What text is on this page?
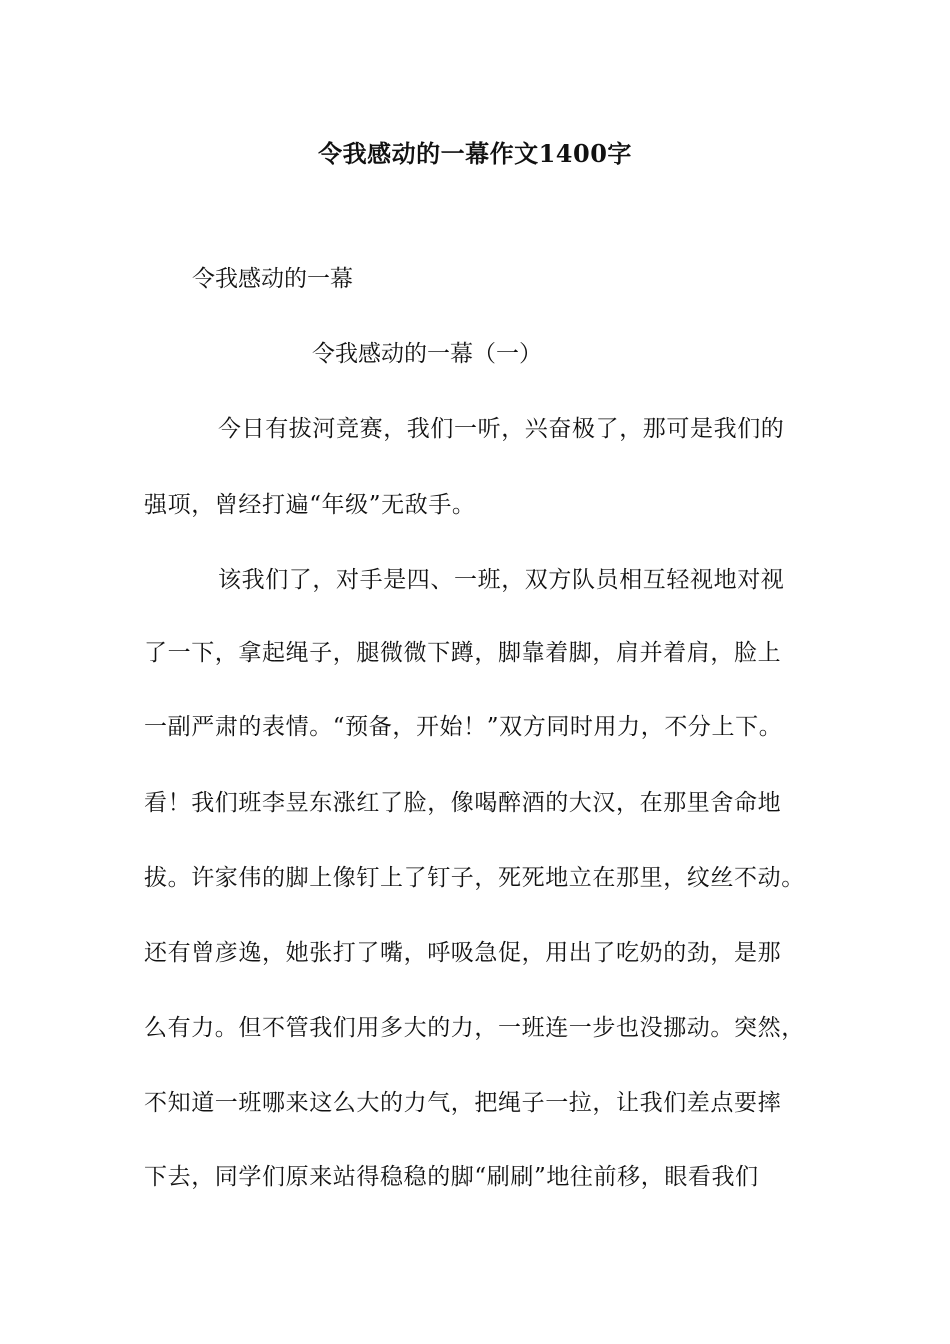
令我感动的一幕作文1400字
令我感动的一幕
令我感动的一幕（一）
今日有拔河竞赛，我们一听，兴奋极了，那可是我们的
强项，曾经打遍“年级”无敌手。
该我们了，对手是四、一班，双方队员相互轻视地对视
了一下，拿起绳子，腿微微下蹲，脚靠着脚，肩并着肩，脸上
一副严肃的表情。“预备，开始！”双方同时用力，不分上下。
看！我们班李昱东涨红了脸，像喝醉酒的大汉，在那里舍命地
拔。许家伟的脚上像钉上了钉子，死死地立在那里，纹丝不动。
还有曾彦逸，她张打了嘴，呼吸急促，用出了吃奶的劲，是那
么有力。但不管我们用多大的力，一班连一步也没挪动。突然，
不知道一班哪来这么大的力气，把绳子一拉，让我们差点要摔
下去，同学们原来站得稳稳的脚“刷刷”地往前移，眼看我们
